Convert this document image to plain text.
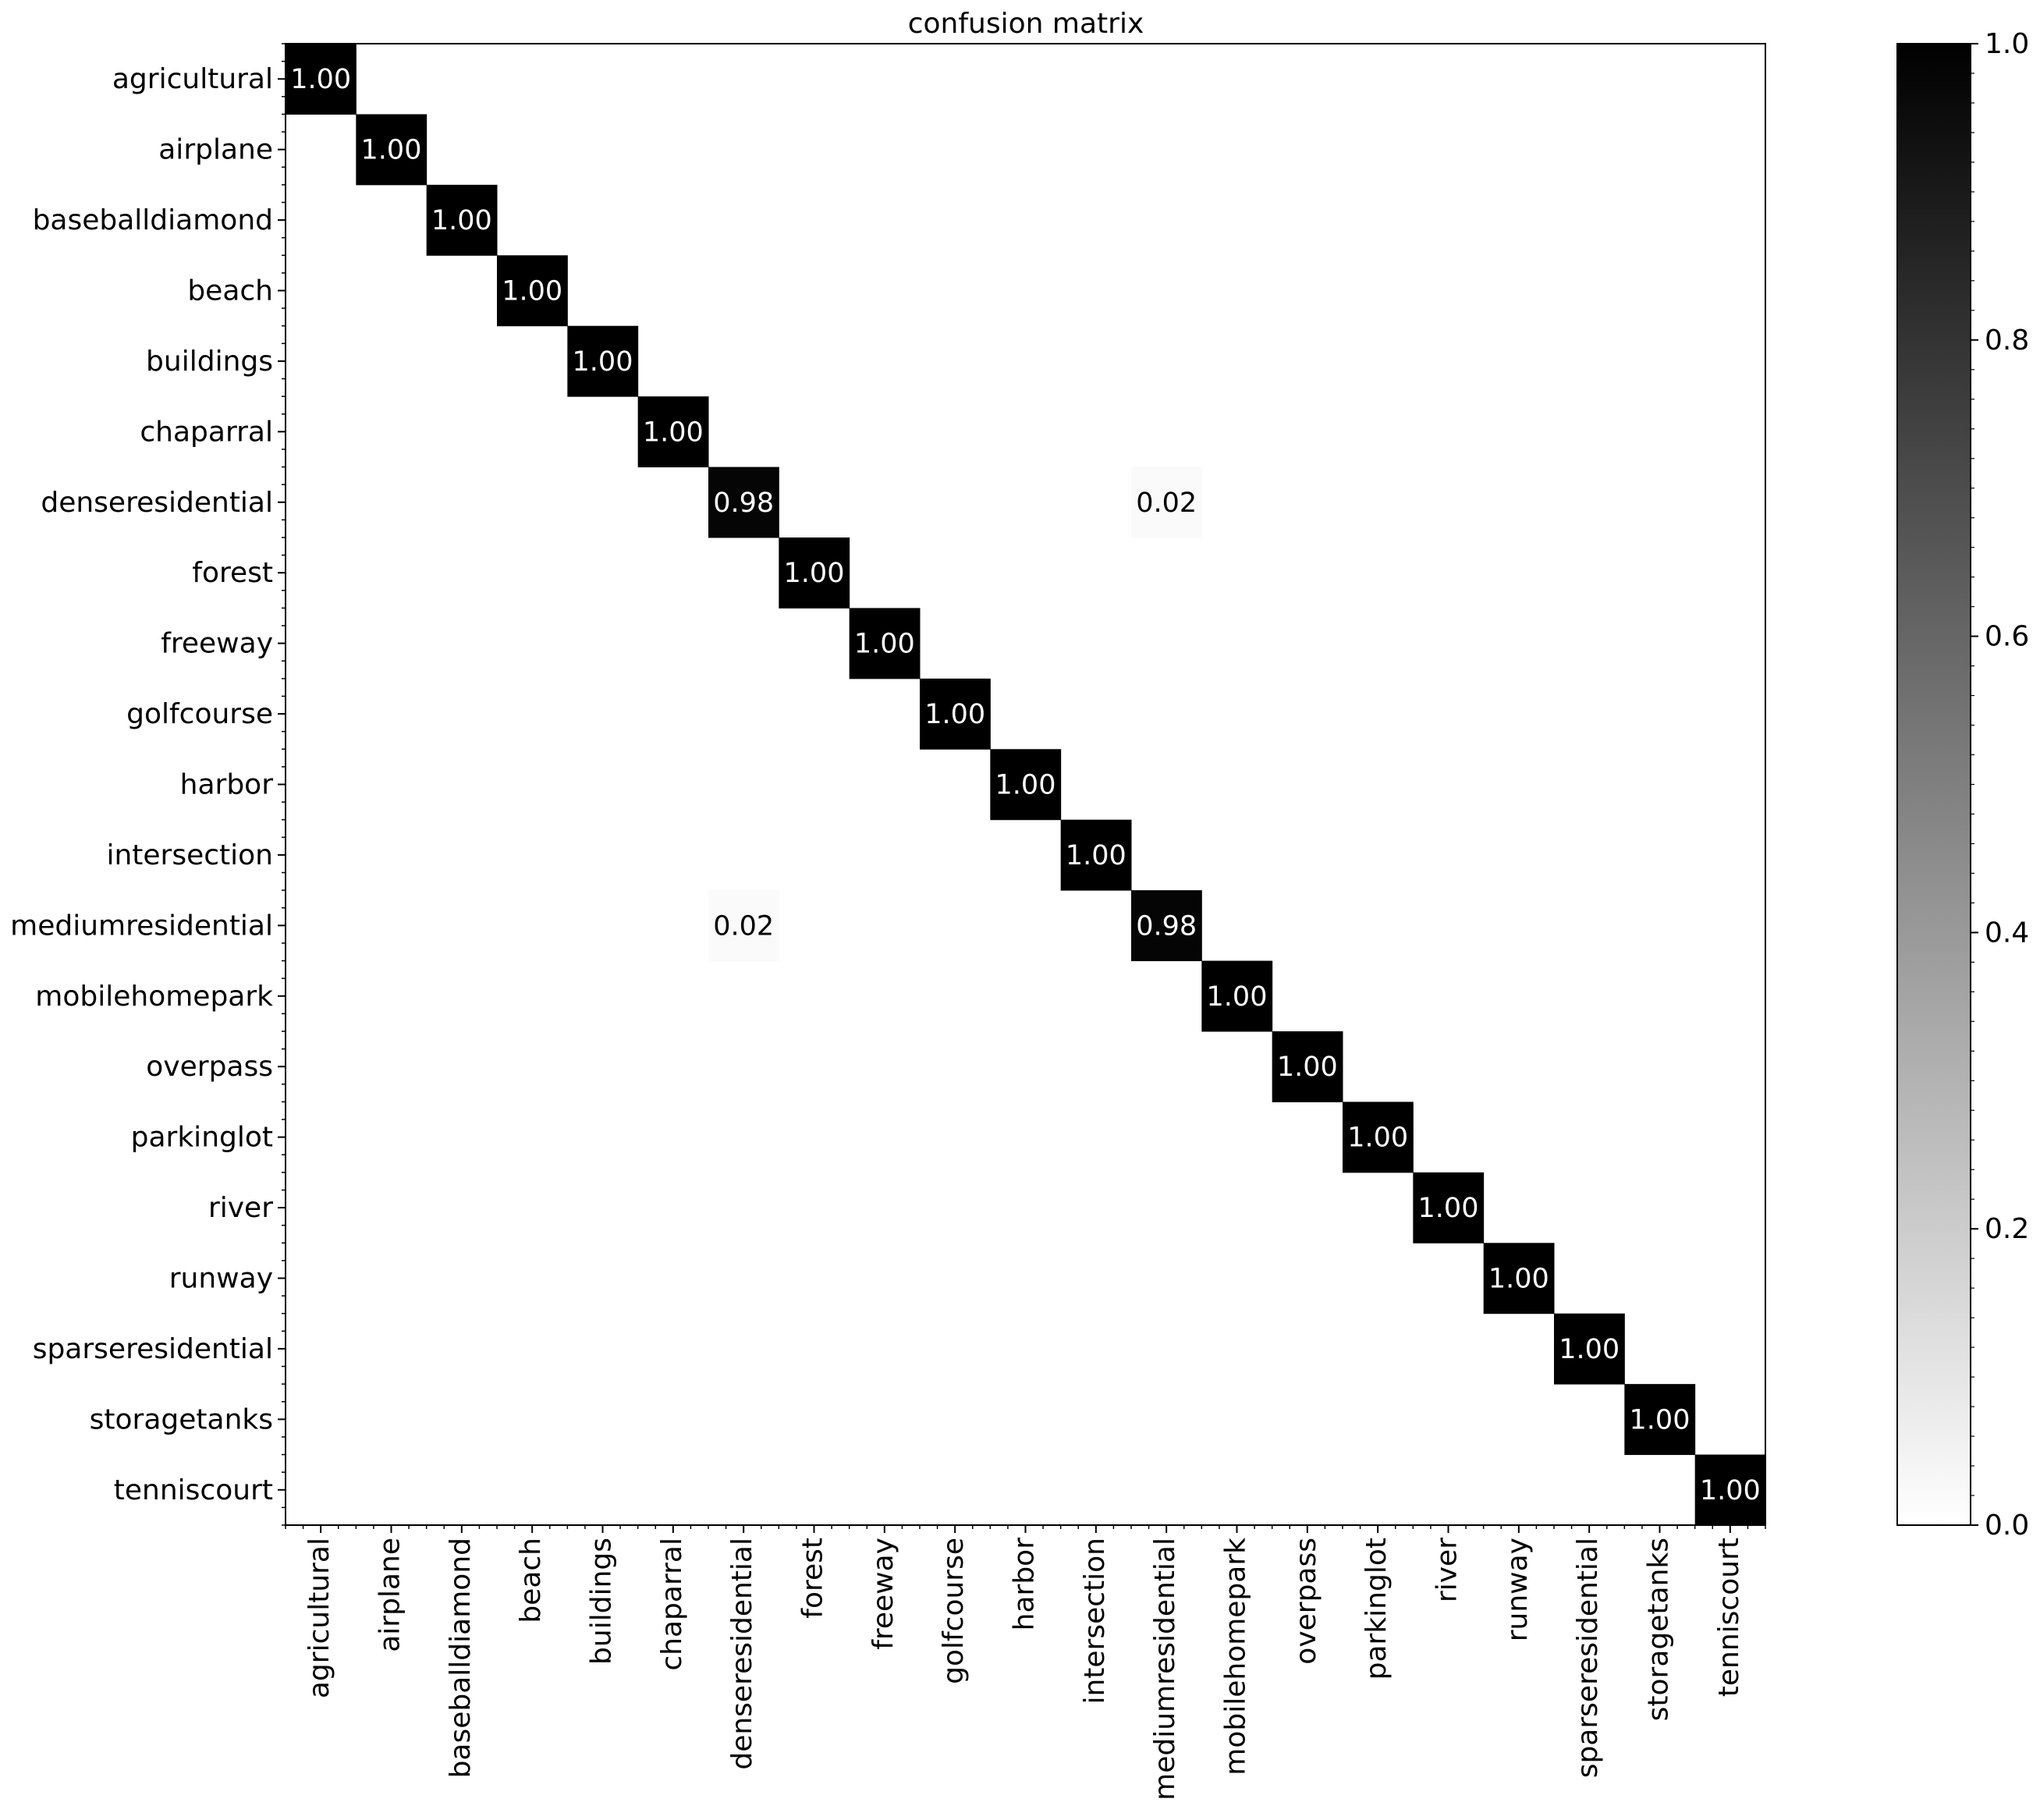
confusion matrix
1.00
1.00
1.00
1.00
1.00
1.00
0.98	0.02
1.00
1.00
1.00
1.00
1.00
0.02	0.98
1.00
1.00
1.00
1.00
1.00
1.00
1.00
1.00
agricultural
airplane
baseballdiamond
beach
buildings
chaparral
denseresidential
forest
freeway
golfcourse
harbor
intersection
mediumresidential
mobilehomepark
overpass
parkinglot
river
runway
sparseresidential
storagetanks
tenniscourt
agricultural airplane baseballdiamond beach buildings chaparral denseresidential forest freeway golfcourse harbor intersection mediumresidential mobilehomepark overpass parkinglot river runway sparseresidential storagetanks tenniscourt
0.0
0.2
0.4
0.6
0.8
1.0
